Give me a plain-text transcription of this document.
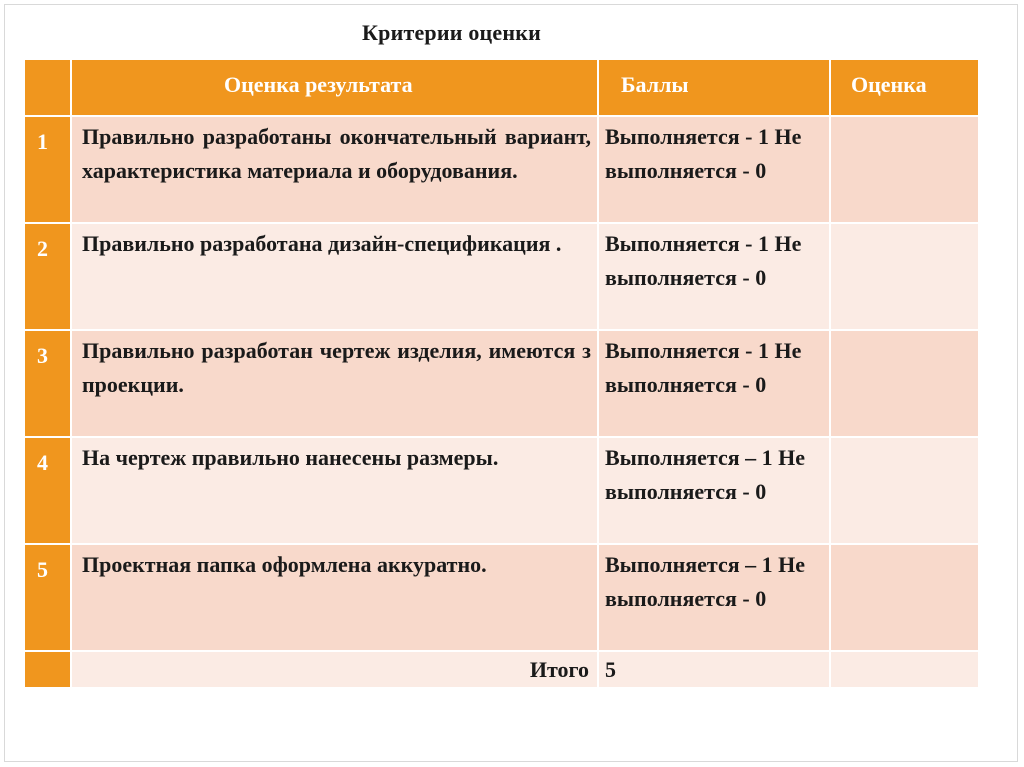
Критерии оценки

	Оценка результата	Баллы	Оценка

1	Правильно разработаны окончательный вариант, характеристика материала и оборудования.	Выполняется - 1 Не выполняется - 0	

2	Правильно разработана дизайн-спецификация .	Выполняется - 1 Не выполняется - 0	

3	Правильно разработан чертеж изделия, имеются з проекции.	Выполняется - 1 Не выполняется - 0	

4	На чертеж правильно нанесены размеры.	Выполняется – 1 Не выполняется - 0	

5	Проектная папка оформлена аккуратно.	Выполняется – 1 Не выполняется - 0	

	Итого	5	
